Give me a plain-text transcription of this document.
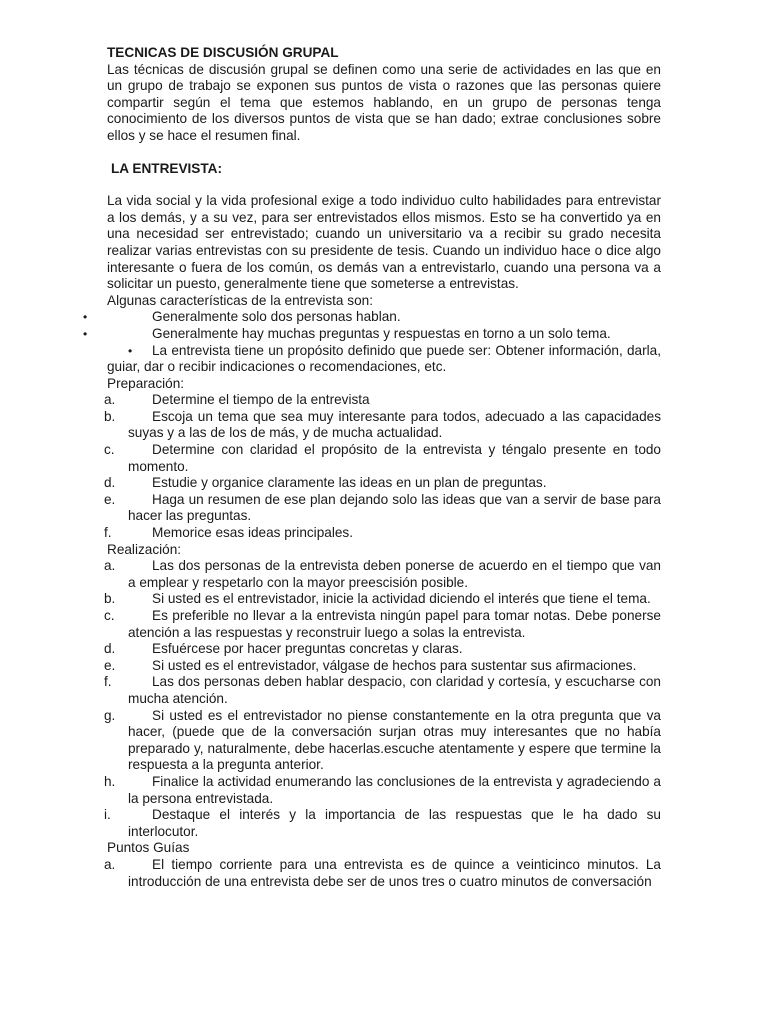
TECNICAS DE DISCUSIÓN GRUPAL

Las técnicas de discusión grupal se definen como una serie de actividades en las que en un grupo de trabajo se exponen sus puntos de vista o razones que las personas quiere compartir según el tema que estemos hablando, en un grupo de personas tenga conocimiento de los diversos puntos de vista que se han dado; extrae conclusiones sobre ellos y se hace el resumen final.

LA ENTREVISTA:

La vida social y la vida profesional exige a todo individuo culto habilidades para entrevistar a los demás, y a su vez, para ser entrevistados ellos mismos. Esto se ha convertido ya en una necesidad ser entrevistado; cuando un universitario va a recibir su grado necesita realizar varias entrevistas con su presidente de tesis. Cuando un individuo hace o dice algo interesante o fuera de los común, os demás van a entrevistarlo, cuando una persona va a solicitar un puesto, generalmente tiene que someterse a entrevistas.

Algunas características de la entrevista son:
•	Generalmente solo dos personas hablan.
•	Generalmente hay muchas preguntas y respuestas en torno a un solo tema.
• La entrevista tiene un propósito definido que puede ser: Obtener información, darla, guiar, dar o recibir indicaciones o recomendaciones, etc.
Preparación:
a.	Determine el tiempo de la entrevista
b.	Escoja un tema que sea muy interesante para todos, adecuado a las capacidades suyas y a las de los de más, y de mucha actualidad.
c.	Determine con claridad el propósito de la entrevista y téngalo presente en todo momento.
d.	Estudie y organice claramente las ideas en un plan de preguntas.
e.	Haga un resumen de ese plan dejando solo las ideas que van a servir de base para hacer las preguntas.
f.	Memorice esas ideas principales.
Realización:
a.	Las dos personas de la entrevista deben ponerse de acuerdo en el tiempo que van a emplear y respetarlo con la mayor preescisión posible.
b.	Si usted es el entrevistador, inicie la actividad diciendo el interés que tiene el tema.
c.	Es preferible no llevar a la entrevista ningún papel para tomar notas. Debe ponerse atención a las respuestas y reconstruir luego a solas la entrevista.
d.	Esfuércese por hacer preguntas concretas y claras.
e.	Si usted es el entrevistador, válgase de hechos para sustentar sus afirmaciones.
f.	Las dos personas deben hablar despacio, con claridad y cortesía, y escucharse con mucha atención.
g.	Si usted es el entrevistador no piense constantemente en la otra pregunta que va hacer, (puede que de la conversación surjan otras muy interesantes que no había preparado y, naturalmente, debe hacerlas.escuche atentamente y espere que termine la respuesta a la pregunta anterior.
h.	Finalice la actividad enumerando las conclusiones de la entrevista y agradeciendo a la persona entrevistada.
i.	Destaque el interés y la importancia de las respuestas que le ha dado su interlocutor.
Puntos Guías
a.	El tiempo corriente para una entrevista es de quince a veinticinco minutos. La introducción de una entrevista debe ser de unos tres o cuatro minutos de conversación
